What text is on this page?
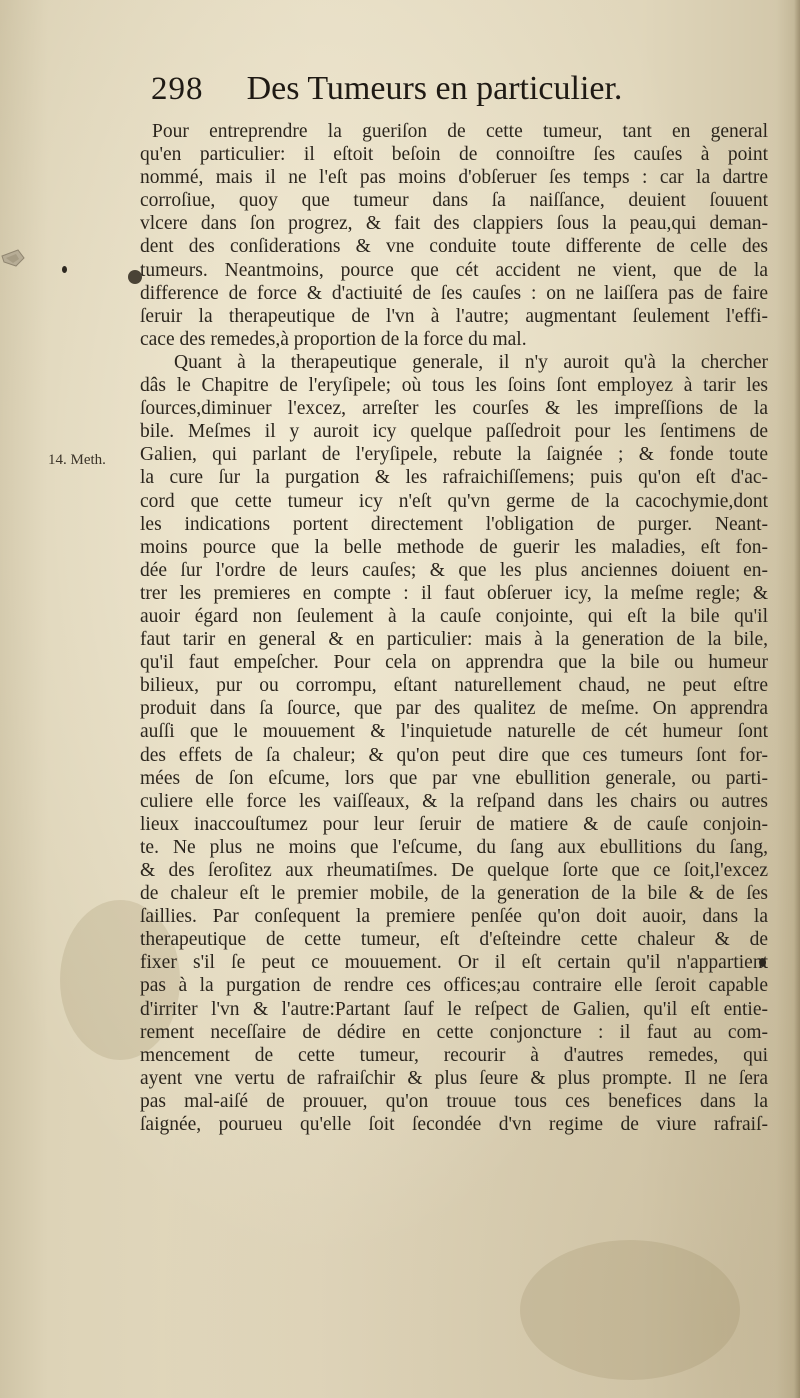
298 Des Tumeurs en particulier.
14. Meth.
Pour entreprendre la gueriſon de cette tumeur, tant en general
qu'en particulier: il eſtoit beſoin de connoiſtre ſes cauſes à point
nommé, mais il ne l'eſt pas moins d'obſeruer ſes temps : car la dartre
corroſiue, quoy que tumeur dans ſa naiſſance, deuient ſouuent
vlcere dans ſon progrez, & fait des clappiers ſous la peau,qui deman-
dent des conſiderations & vne conduite toute differente de celle des
tumeurs. Neantmoins, pource que cét accident ne vient, que de la
difference de force & d'actiuité de ſes cauſes : on ne laiſſera pas de faire
ſeruir la therapeutique de l'vn à l'autre; augmentant ſeulement l'effi-
cace des remedes,à proportion de la force du mal.
Quant à la therapeutique generale, il n'y auroit qu'à la chercher
dâs le Chapitre de l'eryſipele; où tous les ſoins ſont employez à tarir les
ſources,diminuer l'excez, arreſter les courſes & les impreſſions de la
bile. Meſmes il y auroit icy quelque paſſedroit pour les ſentimens de
Galien, qui parlant de l'eryſipele, rebute la ſaignée ; & fonde toute
la cure ſur la purgation & les rafraichiſſemens; puis qu'on eſt d'ac-
cord que cette tumeur icy n'eſt qu'vn germe de la cacochymie,dont
les indications portent directement l'obligation de purger. Neant-
moins pource que la belle methode de guerir les maladies, eſt fon-
dée ſur l'ordre de leurs cauſes; & que les plus anciennes doiuent en-
trer les premieres en compte : il faut obſeruer icy, la meſme regle; &
auoir égard non ſeulement à la cauſe conjointe, qui eſt la bile qu'il
faut tarir en general & en particulier: mais à la generation de la bile,
qu'il faut empeſcher. Pour cela on apprendra que la bile ou humeur
bilieux, pur ou corrompu, eſtant naturellement chaud, ne peut eſtre
produit dans ſa ſource, que par des qualitez de meſme. On apprendra
auſſi que le mouuement & l'inquietude naturelle de cét humeur ſont
des effets de ſa chaleur; & qu'on peut dire que ces tumeurs ſont for-
mées de ſon eſcume, lors que par vne ebullition generale, ou parti-
culiere elle force les vaiſſeaux, & la reſpand dans les chairs ou autres
lieux inaccouſtumez pour leur ſeruir de matiere & de cauſe conjoin-
te. Ne plus ne moins que l'eſcume, du ſang aux ebullitions du ſang,
& des ſeroſitez aux rheumatiſmes. De quelque ſorte que ce ſoit,l'excez
de chaleur eſt le premier mobile, de la generation de la bile & de ſes
ſaillies. Par conſequent la premiere penſée qu'on doit auoir, dans la
therapeutique de cette tumeur, eſt d'eſteindre cette chaleur & de
fixer s'il ſe peut ce mouuement. Or il eſt certain qu'il n'appartient
pas à la purgation de rendre ces offices;au contraire elle ſeroit capable
d'irriter l'vn & l'autre:Partant ſauf le reſpect de Galien, qu'il eſt entie-
rement neceſſaire de dédire en cette conjoncture : il faut au com-
mencement de cette tumeur, recourir à d'autres remedes, qui
ayent vne vertu de rafraiſchir & plus ſeure & plus prompte. Il ne ſera
pas mal-aiſé de prouuer, qu'on trouue tous ces benefices dans la
ſaignée, pourueu qu'elle ſoit ſecondée d'vn regime de viure rafraiſ-
